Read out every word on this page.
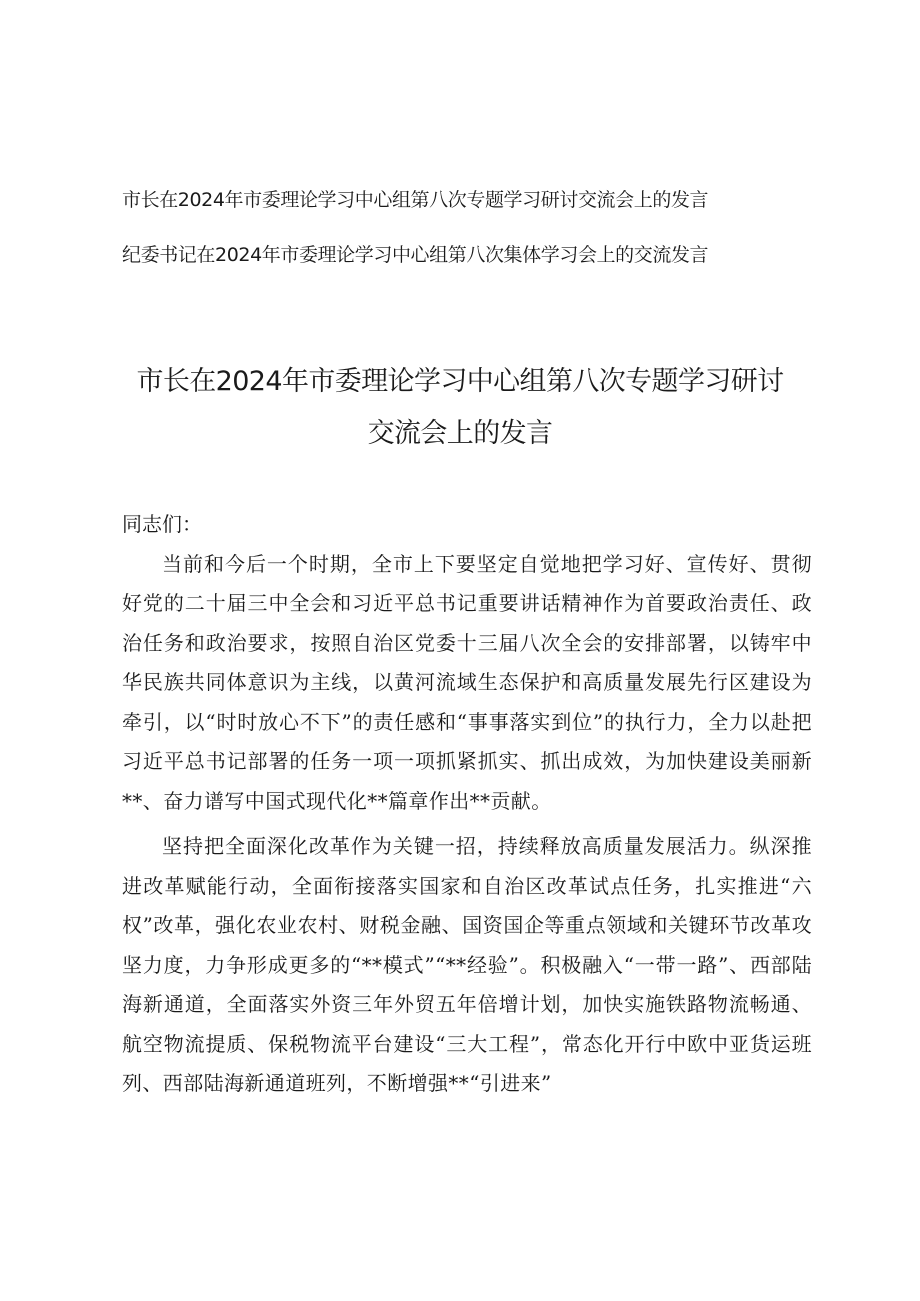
市长在2024年市委理论学习中心组第八次专题学习研讨交流会上的发言
纪委书记在2024年市委理论学习中心组第八次集体学习会上的交流发言
市长在2024年市委理论学习中心组第八次专题学习研讨
交流会上的发言

同志们：

当前和今后一个时期，全市上下要坚定自觉地把学习好、宣传好、贯彻好党的二十届三中全会和习近平总书记重要讲话精神作为首要政治责任、政治任务和政治要求，按照自治区党委十三届八次全会的安排部署，以铸牢中华民族共同体意识为主线，以黄河流域生态保护和高质量发展先行区建设为牵引，以“时时放心不下”的责任感和“事事落实到位”的执行力，全力以赴把习近平总书记部署的任务一项一项抓紧抓实、抓出成效，为加快建设美丽新**、奋力谱写中国式现代化**篇章作出**贡献。

坚持把全面深化改革作为关键一招，持续释放高质量发展活力。纵深推进改革赋能行动，全面衔接落实国家和自治区改革试点任务，扎实推进“六权”改革，强化农业农村、财税金融、国资国企等重点领域和关键环节改革攻坚力度，力争形成更多的“**模式”“**经验”。积极融入“一带一路”、西部陆海新通道，全面落实外资三年外贸五年倍增计划，加快实施铁路物流畅通、航空物流提质、保税物流平台建设“三大工程”，常态化开行中欧中亚货运班列、西部陆海新通道班列，不断增强**“引进来”
